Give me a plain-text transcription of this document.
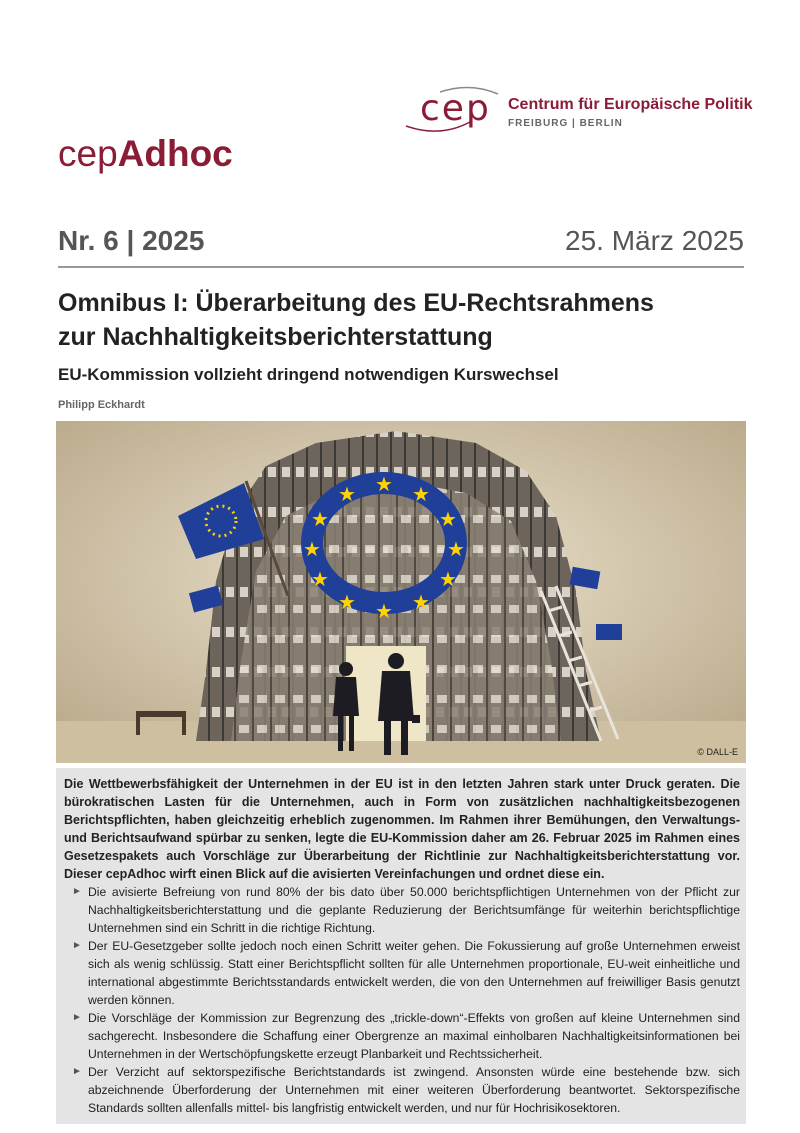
cep Centrum für Europäische Politik
FREIBURG | BERLIN
cepAdhoc
Nr. 6 | 2025	25. März 2025
Omnibus I: Überarbeitung des EU-Rechtsrahmens
zur Nachhaltigkeitsberichterstattung
EU-Kommission vollzieht dringend notwendigen Kurswechsel
Philipp Eckhardt
★ ★
★
★
★
★
★
★
★
★
★
★
© DALL-E

Die Wettbewerbsfähigkeit der Unternehmen in der EU ist in den letzten Jahren stark unter Druck geraten. Die bürokratischen Lasten für die Unternehmen, auch in Form von zusätzlichen nachhaltigkeitsbezogenen Berichtspflichten, haben gleichzeitig erheblich zugenommen. Im Rahmen ihrer Bemühungen, den Verwaltungs- und Berichtsaufwand spürbar zu senken, legte die EU-Kommission daher am 26. Februar 2025 im Rahmen eines Gesetzespakets auch Vorschläge zur Überarbeitung der Richtlinie zur Nachhaltigkeitsberichterstattung vor. Dieser cepAdhoc wirft einen Blick auf die avisierten Vereinfachungen und ordnet diese ein.

► Die avisierte Befreiung von rund 80% der bis dato über 50.000 berichtspflichtigen Unternehmen von der Pflicht zur Nachhaltigkeitsberichterstattung und die geplante Reduzierung der Berichtsumfänge für weiterhin berichtspflichtige Unternehmen sind ein Schritt in die richtige Richtung.
► Der EU-Gesetzgeber sollte jedoch noch einen Schritt weiter gehen. Die Fokussierung auf große Unternehmen erweist sich als wenig schlüssig. Statt einer Berichtspflicht sollten für alle Unternehmen proportionale, EU-weit einheitliche und international abgestimmte Berichtsstandards entwickelt werden, die von den Unternehmen auf freiwilliger Basis genutzt werden können.
► Die Vorschläge der Kommission zur Begrenzung des „trickle-down“-Effekts von großen auf kleine Unternehmen sind sachgerecht. Insbesondere die Schaffung einer Obergrenze an maximal einholbaren Nachhaltigkeitsinformationen bei Unternehmen in der Wertschöpfungskette erzeugt Planbarkeit und Rechtssicherheit.
► Der Verzicht auf sektorspezifische Berichtstandards ist zwingend. Ansonsten würde eine bestehende bzw. sich abzeichnende Überforderung der Unternehmen mit einer weiteren Überforderung beantwortet. Sektorspezifische Standards sollten allenfalls mittel- bis langfristig entwickelt werden, und nur für Hochrisikosektoren.
